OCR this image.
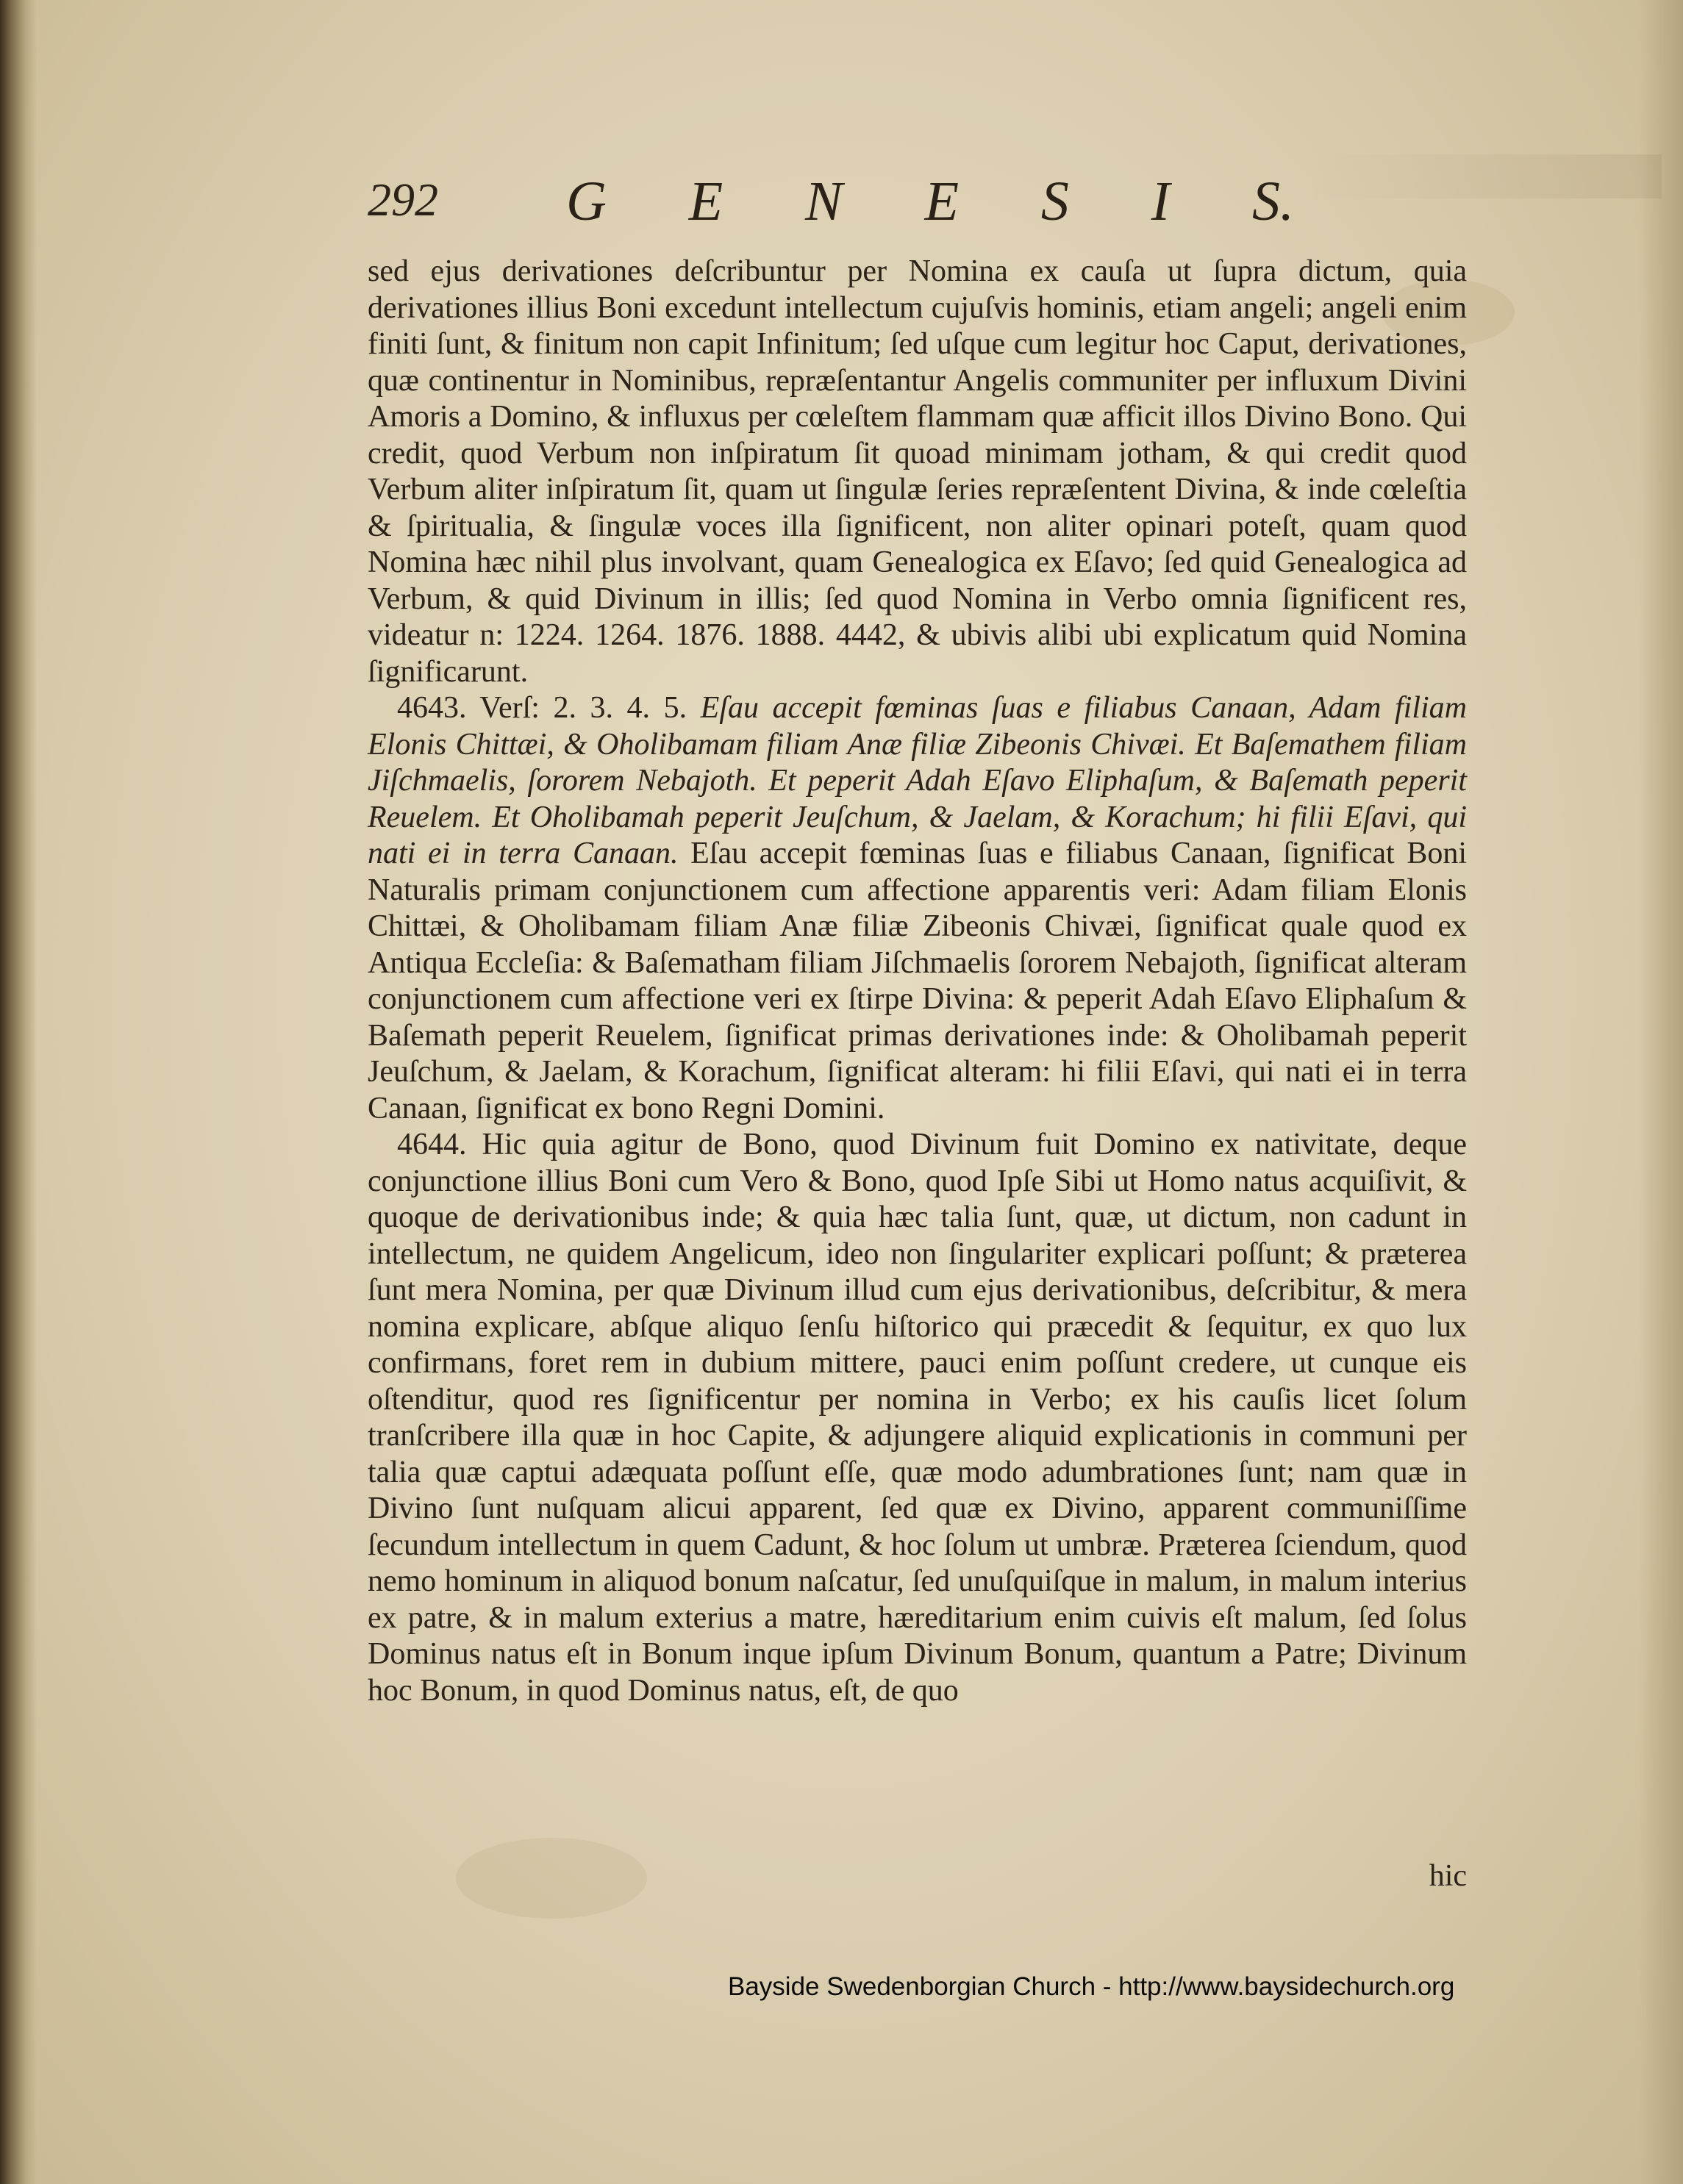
292 G E N E S I S.

sed ejus derivationes deſcribuntur per Nomina ex cauſa ut ſupra dictum, quia derivationes illius Boni excedunt intellectum cujuſvis hominis, etiam angeli; angeli enim finiti ſunt, & finitum non capit Infinitum; ſed uſque cum legitur hoc Caput, derivationes, quæ continentur in Nominibus, repræſentantur Angelis communiter per influxum Divini Amoris a Domino, & influxus per cœleſtem flammam quæ afficit illos Divino Bono. Qui credit, quod Verbum non inſpiratum ſit quoad minimam jotham, & qui credit quod Verbum aliter inſpiratum ſit, quam ut ſingulæ ſeries repræſentent Divina, & inde cœleſtia & ſpiritualia, & ſingulæ voces illa ſignificent, non aliter opinari poteſt, quam quod Nomina hæc nihil plus involvant, quam Genealogica ex Eſavo; ſed quid Genealogica ad Verbum, & quid Divinum in illis; ſed quod Nomina in Verbo omnia ſignificent res, videatur n: 1224. 1264. 1876. 1888. 4442, & ubivis alibi ubi explicatum quid Nomina ſignificarunt.

4643. Verſ: 2. 3. 4. 5. Eſau accepit fœminas ſuas e filiabus Canaan, Adam filiam Elonis Chittæi, & Oholibamam filiam Anæ filiæ Zibeonis Chivæi. Et Baſemathem filiam Jiſchmaelis, ſororem Nebajoth. Et peperit Adah Eſavo Eliphaſum, & Baſemath peperit Reuelem. Et Oholibamah peperit Jeuſchum, & Jaelam, & Korachum; hi filii Eſavi, qui nati ei in terra Canaan. Eſau accepit fœminas ſuas e filiabus Canaan, ſignificat Boni Naturalis primam conjunctionem cum affectione apparentis veri: Adam filiam Elonis Chittæi, & Oholibamam filiam Anæ filiæ Zibeonis Chivæi, ſignificat quale quod ex Antiqua Eccleſia: & Baſematham filiam Jiſchmaelis ſororem Nebajoth, ſignificat alteram conjunctionem cum affectione veri ex ſtirpe Divina: & peperit Adah Eſavo Eliphaſum & Baſemath peperit Reuelem, ſignificat primas derivationes inde: & Oholibamah peperit Jeuſchum, & Jaelam, & Korachum, ſignificat alteram: hi filii Eſavi, qui nati ei in terra Canaan, ſignificat ex bono Regni Domini.

4644. Hic quia agitur de Bono, quod Divinum fuit Domino ex nativitate, deque conjunctione illius Boni cum Vero & Bono, quod Ipſe Sibi ut Homo natus acquiſivit, & quoque de derivationibus inde; & quia hæc talia ſunt, quæ, ut dictum, non cadunt in intellectum, ne quidem Angelicum, ideo non ſingulariter explicari poſſunt; & præterea ſunt mera Nomina, per quæ Divinum illud cum ejus derivationibus, deſcribitur, & mera nomina explicare, abſque aliquo ſenſu hiſtorico qui præcedit & ſequitur, ex quo lux confirmans, foret rem in dubium mittere, pauci enim poſſunt credere, ut cunque eis oſtenditur, quod res ſignificentur per nomina in Verbo; ex his cauſis licet ſolum tranſcribere illa quæ in hoc Capite, & adjungere aliquid explicationis in communi per talia quæ captui adæquata poſſunt eſſe, quæ modo adumbrationes ſunt; nam quæ in Divino ſunt nuſquam alicui apparent, ſed quæ ex Divino, apparent communiſſime ſecundum intellectum in quem Cadunt, & hoc ſolum ut umbræ. Præterea ſciendum, quod nemo hominum in aliquod bonum naſcatur, ſed unuſquiſque in malum, in malum interius ex patre, & in malum exterius a matre, hæreditarium enim cuivis eſt malum, ſed ſolus Dominus natus eſt in Bonum inque ipſum Divinum Bonum, quantum a Patre; Divinum hoc Bonum, in quod Dominus natus, eſt, de quo

hic
Bayside Swedenborgian Church - http://www.baysidechurch.org
